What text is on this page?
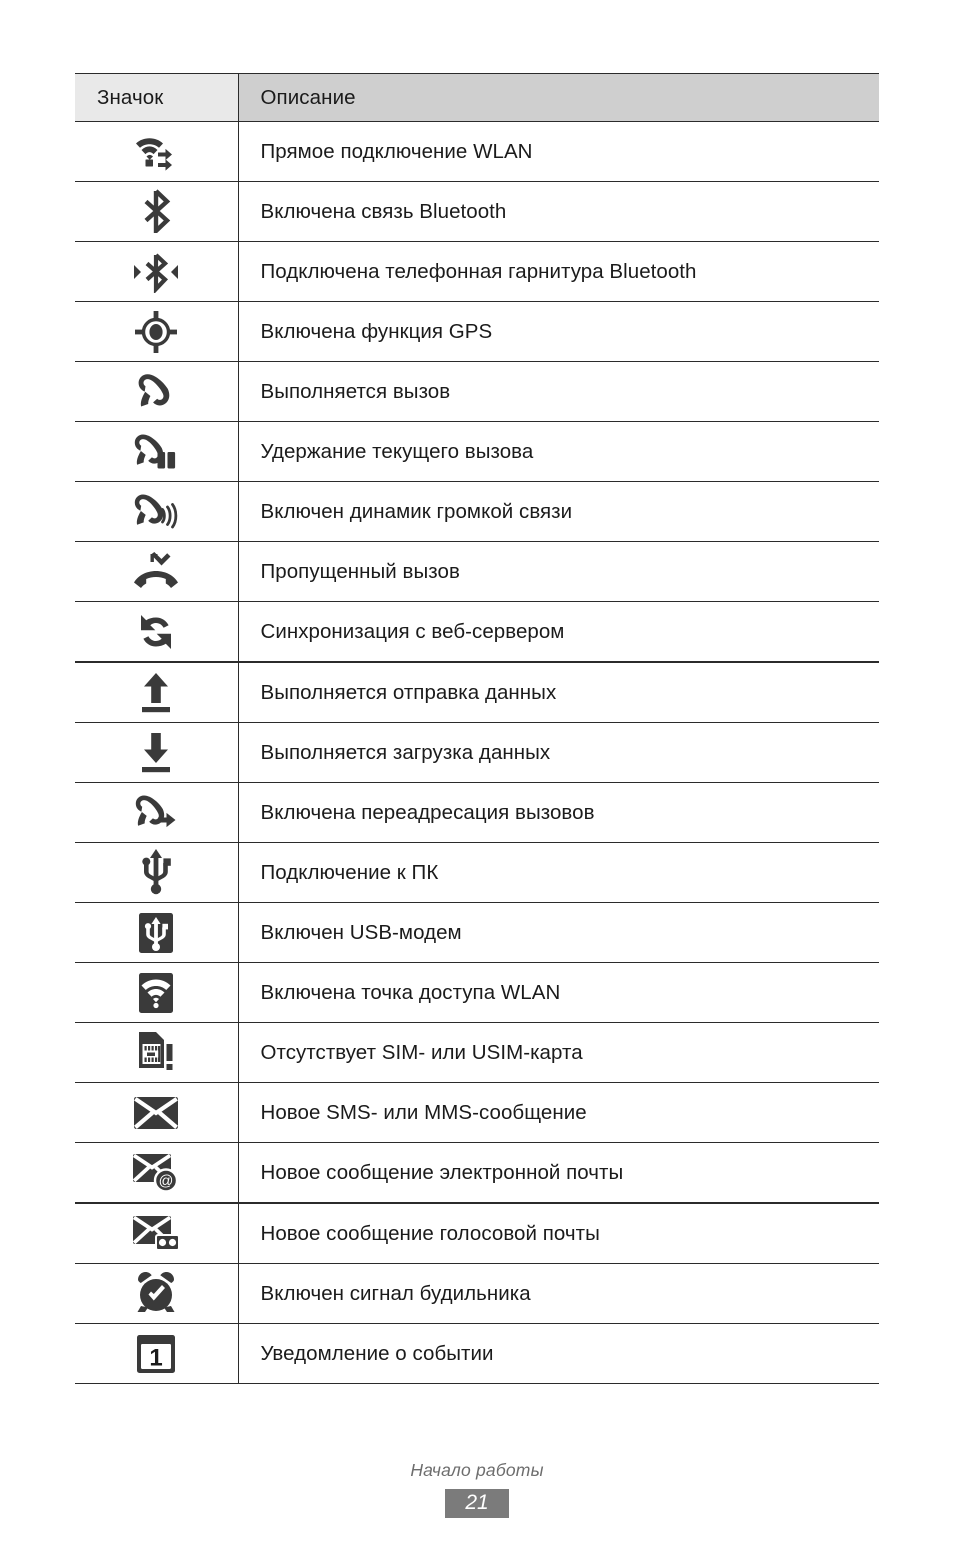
Значок	Описание

	Прямое подключение WLAN

	Включена связь Bluetooth

	Подключена телефонная гарнитура Bluetooth

	Включена функция GPS

	Выполняется вызов

	Удержание текущего вызова

	Включен динамик громкой связи

	Пропущенный вызов

	Синхронизация с веб-сервером

	Выполняется отправка данных

	Выполняется загрузка данных

	Включена переадресация вызовов

	Подключение к ПК

	Включен USB-модем

	Включена точка доступа WLAN

	Отсутствует SIM- или USIM-карта

	Новое SMS- или MMS-сообщение

@	Новое сообщение электронной почты

	Новое сообщение голосовой почты

	Включен сигнал будильника

1	Уведомление о событии
Начало работы
21
